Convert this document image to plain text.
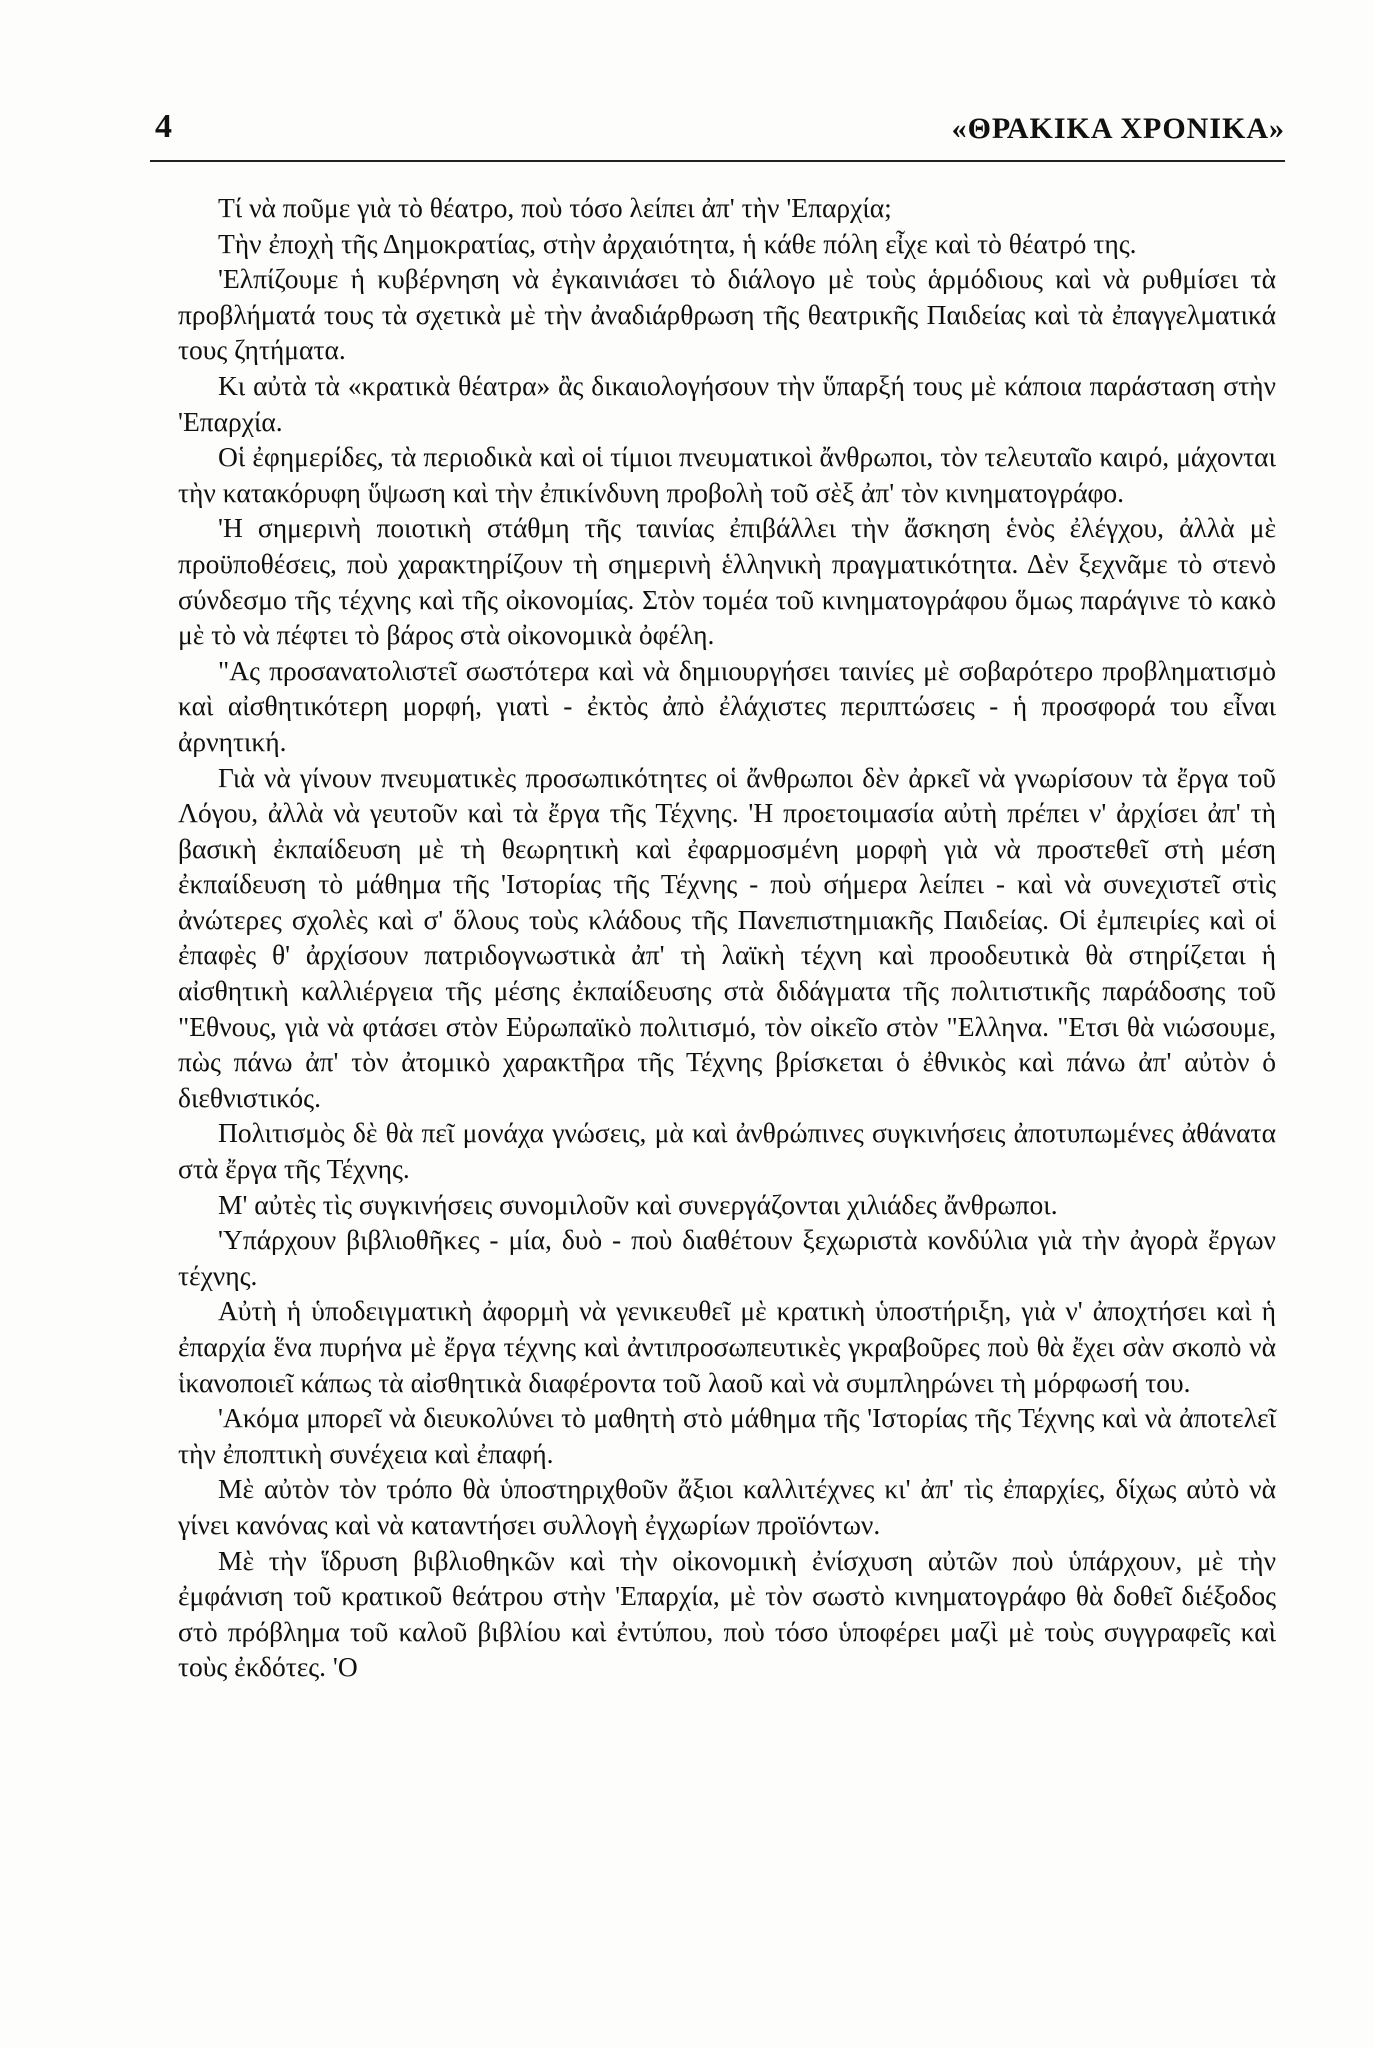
4	«ΘΡΑΚΙΚΑ ΧΡΟΝΙΚΑ»

Τί νὰ ποῦμε γιὰ τὸ θέατρο, ποὺ τόσο λείπει ἀπ' τὴν 'Επαρχία;

Τὴν ἐποχὴ τῆς Δημοκρατίας, στὴν ἀρχαιότητα, ἡ κάθε πόλη εἶχε καὶ τὸ θέατρό της.

'Ελπίζουμε ἡ κυβέρνηση νὰ ἐγκαινιάσει τὸ διάλογο μὲ τοὺς ἁρμόδιους καὶ νὰ ρυθμίσει τὰ προβλήματά τους τὰ σχετικὰ μὲ τὴν ἀναδιάρθρωση τῆς θεατρικῆς Παιδείας καὶ τὰ ἐπαγγελματικά τους ζητήματα.

Κι αὐτὰ τὰ «κρατικὰ θέατρα» ἂς δικαιολογήσουν τὴν ὕπαρξή τους μὲ κάποια παράσταση στὴν 'Επαρχία.

Οἱ ἐφημερίδες, τὰ περιοδικὰ καὶ οἱ τίμιοι πνευματικοὶ ἄνθρωποι, τὸν τελευταῖο καιρό, μάχονται τὴν κατακόρυφη ὕψωση καὶ τὴν ἐπικίνδυνη προβολὴ τοῦ σὲξ ἀπ' τὸν κινηματογράφο.

'Η σημερινὴ ποιοτικὴ στάθμη τῆς ταινίας ἐπιβάλλει τὴν ἄσκηση ἑνὸς ἐλέγχου, ἀλλὰ μὲ προϋποθέσεις, ποὺ χαρακτηρίζουν τὴ σημερινὴ ἑλληνικὴ πραγματικότητα. Δὲν ξεχνᾶμε τὸ στενὸ σύνδεσμο τῆς τέχνης καὶ τῆς οἰκονομίας. Στὸν τομέα τοῦ κινηματογράφου ὅμως παράγινε τὸ κακὸ μὲ τὸ νὰ πέφτει τὸ βάρος στὰ οἰκονομικὰ ὀφέλη.

"Ας προσανατολιστεῖ σωστότερα καὶ νὰ δημιουργήσει ταινίες μὲ σοβαρότερο προβληματισμὸ καὶ αἰσθητικότερη μορφή, γιατὶ - ἐκτὸς ἀπὸ ἐλάχιστες περιπτώσεις - ἡ προσφορά του εἶναι ἀρνητική.

Γιὰ νὰ γίνουν πνευματικὲς προσωπικότητες οἱ ἄνθρωποι δὲν ἀρκεῖ νὰ γνωρίσουν τὰ ἔργα τοῦ Λόγου, ἀλλὰ νὰ γευτοῦν καὶ τὰ ἔργα τῆς Τέχνης. 'Η προετοιμασία αὐτὴ πρέπει ν' ἀρχίσει ἀπ' τὴ βασικὴ ἐκπαίδευση μὲ τὴ θεωρητικὴ καὶ ἐφαρμοσμένη μορφὴ γιὰ νὰ προστεθεῖ στὴ μέση ἐκπαίδευση τὸ μάθημα τῆς 'Ιστορίας τῆς Τέχνης - ποὺ σήμερα λείπει - καὶ νὰ συνεχιστεῖ στὶς ἀνώτερες σχολὲς καὶ σ' ὅλους τοὺς κλάδους τῆς Πανεπιστημιακῆς Παιδείας. Οἱ ἐμπειρίες καὶ οἱ ἐπαφὲς θ' ἀρχίσουν πατριδογνωστικὰ ἀπ' τὴ λαϊκὴ τέχνη καὶ προοδευτικὰ θὰ στηρίζεται ἡ αἰσθητικὴ καλλιέργεια τῆς μέσης ἐκπαίδευσης στὰ διδάγματα τῆς πολιτιστικῆς παράδοσης τοῦ "Εθνους, γιὰ νὰ φτάσει στὸν Εὐρωπαϊκὸ πολιτισμό, τὸν οἰκεῖο στὸν "Ελληνα. "Ετσι θὰ νιώσουμε, πὼς πάνω ἀπ' τὸν ἀτομικὸ χαρακτῆρα τῆς Τέχνης βρίσκεται ὁ ἐθνικὸς καὶ πάνω ἀπ' αὐτὸν ὁ διεθνιστικός.

Πολιτισμὸς δὲ θὰ πεῖ μονάχα γνώσεις, μὰ καὶ ἀνθρώπινες συγκινήσεις ἀποτυπωμένες ἀθάνατα στὰ ἔργα τῆς Τέχνης.

Μ' αὐτὲς τὶς συγκινήσεις συνομιλοῦν καὶ συνεργάζονται χιλιάδες ἄνθρωποι.

'Υπάρχουν βιβλιοθῆκες - μία, δυὸ - ποὺ διαθέτουν ξεχωριστὰ κονδύλια γιὰ τὴν ἀγορὰ ἔργων τέχνης.

Αὐτὴ ἡ ὑποδειγματικὴ ἀφορμὴ νὰ γενικευθεῖ μὲ κρατικὴ ὑποστήριξη, γιὰ ν' ἀποχτήσει καὶ ἡ ἐπαρχία ἕνα πυρήνα μὲ ἔργα τέχνης καὶ ἀντιπροσωπευτικὲς γκραβοῦρες ποὺ θὰ ἔχει σὰν σκοπὸ νὰ ἱκανοποιεῖ κάπως τὰ αἰσθητικὰ διαφέροντα τοῦ λαοῦ καὶ νὰ συμπληρώνει τὴ μόρφωσή του.

'Ακόμα μπορεῖ νὰ διευκολύνει τὸ μαθητὴ στὸ μάθημα τῆς 'Ιστορίας τῆς Τέχνης καὶ νὰ ἀποτελεῖ τὴν ἐποπτικὴ συνέχεια καὶ ἐπαφή.

Μὲ αὐτὸν τὸν τρόπο θὰ ὑποστηριχθοῦν ἄξιοι καλλιτέχνες κι' ἀπ' τὶς ἐπαρχίες, δίχως αὐτὸ νὰ γίνει κανόνας καὶ νὰ καταντήσει συλλογὴ ἐγχωρίων προϊόντων.

Μὲ τὴν ἵδρυση βιβλιοθηκῶν καὶ τὴν οἰκονομικὴ ἐνίσχυση αὐτῶν ποὺ ὑπάρχουν, μὲ τὴν ἐμφάνιση τοῦ κρατικοῦ θεάτρου στὴν 'Επαρχία, μὲ τὸν σωστὸ κινηματογράφο θὰ δοθεῖ διέξοδος στὸ πρόβλημα τοῦ καλοῦ βιβλίου καὶ ἐντύπου, ποὺ τόσο ὑποφέρει μαζὶ μὲ τοὺς συγγραφεῖς καὶ τοὺς ἐκδότες. 'Ο
